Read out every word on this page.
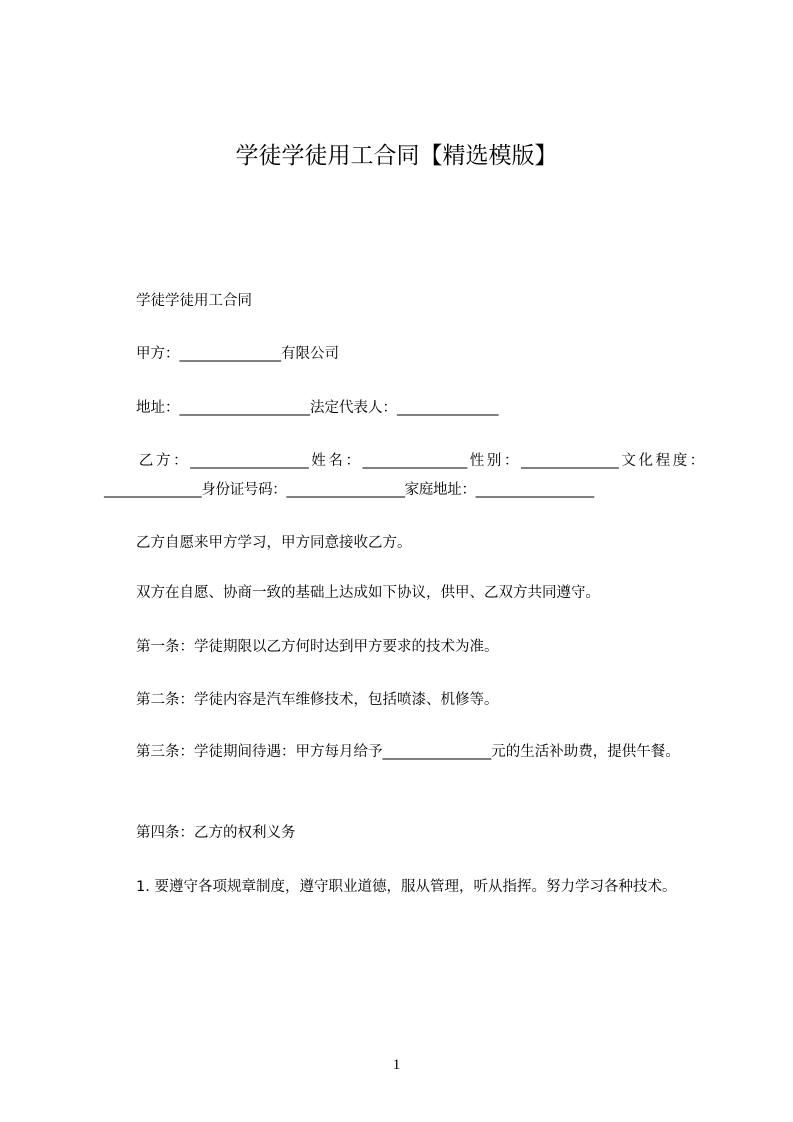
学徒学徒用工合同【精选模版】
学徒学徒用工合同
甲方：______________有限公司
地址：__________________法定代表人：______________
乙方：_________________姓名：_______________性别：______________文化程度：______________身份证号码：_________________家庭地址：_________________
乙方自愿来甲方学习，甲方同意接收乙方。
双方在自愿、协商一致的基础上达成如下协议，供甲、乙双方共同遵守。
第一条：学徒期限以乙方何时达到甲方要求的技术为准。
第二条：学徒内容是汽车维修技术，包括喷漆、机修等。
第三条：学徒期间待遇：甲方每月给予_______________元的生活补助费，提供午餐。
第四条：乙方的权利义务
1. 要遵守各项规章制度，遵守职业道德，服从管理，听从指挥。努力学习各种技术。
1
